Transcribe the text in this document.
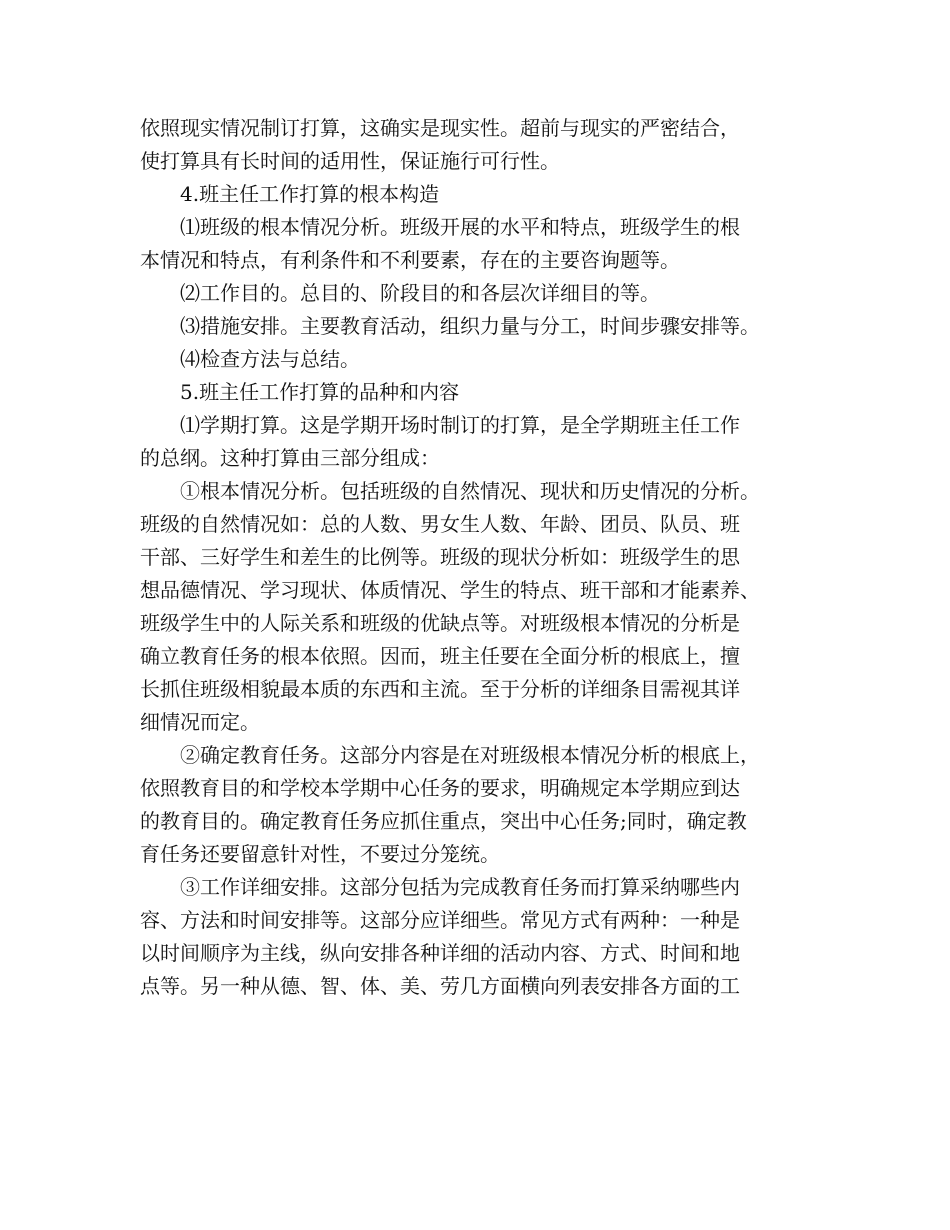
依照现实情况制订打算，这确实是现实性。超前与现实的严密结合，
使打算具有长时间的适用性，保证施行可行性。
4.班主任工作打算的根本构造
⑴班级的根本情况分析。班级开展的水平和特点，班级学生的根
本情况和特点，有利条件和不利要素，存在的主要咨询题等。
⑵工作目的。总目的、阶段目的和各层次详细目的等。
⑶措施安排。主要教育活动，组织力量与分工，时间步骤安排等。
⑷检查方法与总结。
5.班主任工作打算的品种和内容
⑴学期打算。这是学期开场时制订的打算，是全学期班主任工作
的总纲。这种打算由三部分组成：
①根本情况分析。包括班级的自然情况、现状和历史情况的分析。
班级的自然情况如：总的人数、男女生人数、年龄、团员、队员、班
干部、三好学生和差生的比例等。班级的现状分析如：班级学生的思
想品德情况、学习现状、体质情况、学生的特点、班干部和才能素养、
班级学生中的人际关系和班级的优缺点等。对班级根本情况的分析是
确立教育任务的根本依照。因而，班主任要在全面分析的根底上，擅
长抓住班级相貌最本质的东西和主流。至于分析的详细条目需视其详
细情况而定。
②确定教育任务。这部分内容是在对班级根本情况分析的根底上，
依照教育目的和学校本学期中心任务的要求，明确规定本学期应到达
的教育目的。确定教育任务应抓住重点，突出中心任务;同时，确定教
育任务还要留意针对性，不要过分笼统。
③工作详细安排。这部分包括为完成教育任务而打算采纳哪些内
容、方法和时间安排等。这部分应详细些。常见方式有两种：一种是
以时间顺序为主线，纵向安排各种详细的活动内容、方式、时间和地
点等。另一种从德、智、体、美、劳几方面横向列表安排各方面的工
